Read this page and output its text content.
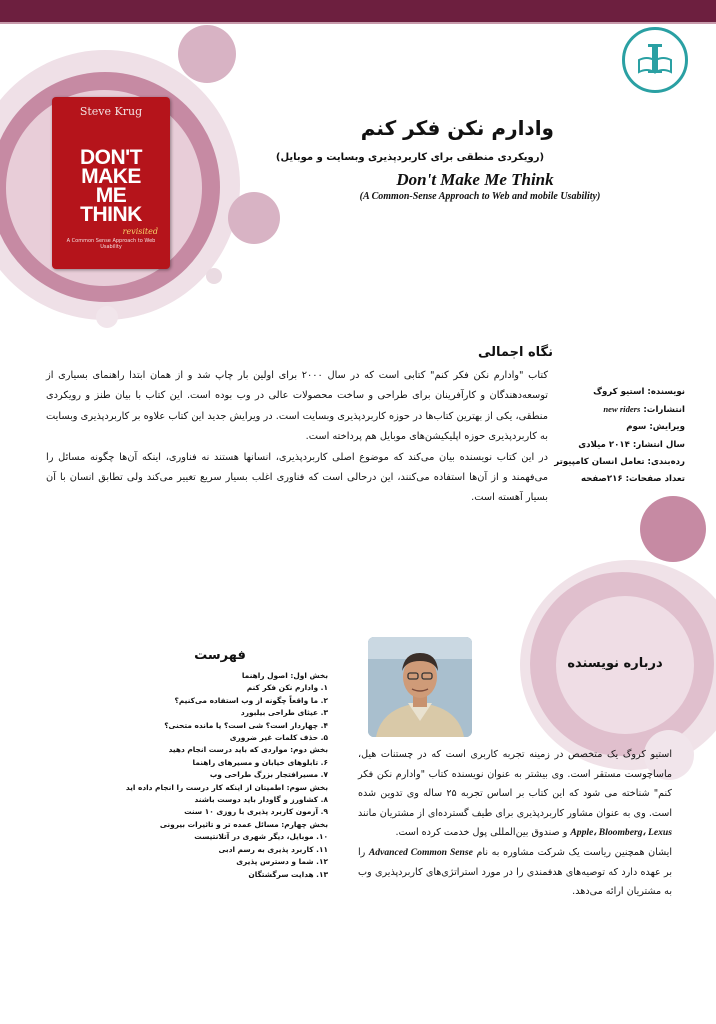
Steve Krug
DON'T
MAKE
ME
THINK
revisited
A Common Sense Approach to Web Usability
وادارم نکن فکر کنم
(رویکردی منطقی برای کاربردپذیری وبسایت و موبایل)
Don't Make Me Think
(A Common-Sense Approach to Web and mobile Usability)
نگاه اجمالی

کتاب "وادارم نکن فکر کنم" کتابی است که در سال ۲۰۰۰ برای اولین بار چاپ شد و از همان ابتدا راهنمای بسیاری از توسعه‌دهندگان و کارآفرینان برای طراحی و ساخت محصولات عالی در وب بوده است. این کتاب با بیان طنز و رویکردی منطقی، یکی از بهترین کتاب‌ها در حوزه کاربردپذیری وبسایت است. در ویرایش جدید این کتاب علاوه بر کاربردپذیری وبسایت به کاربردپذیری حوزه اپلیکیشن‌های موبایل هم پرداخته است.

در این کتاب نویسنده بیان می‌کند که موضوع اصلی کاربردپذیری، انسانها هستند نه فناوری، اینکه آن‌ها چگونه مسائل را می‌فهمند و از آن‌ها استفاده می‌کنند، این درحالی است که فناوری اغلب بسیار سریع تغییر می‌کند ولی تطابق انسان با آن بسیار آهسته است.

نویسنده: استیو کروگ
انتشارات: new riders
ویرایش: سوم
سال انتشار: ۲۰۱۴ میلادی
رده‌بندی: تعامل انسان کامپیوتر
تعداد صفحات: ۲۱۶صفحه
فهرست
بخش اول: اصول راهنما
۱. وادارم نکن فکر کنم
۲. ما واقعاً چگونه از وب استفاده می‌کنیم؟
۳. عیثای طراحی بیلبورد
۴. چهاردار است؟ شی است؟ یا مانده متحنی؟
۵. حذف کلمات غیر ضروری
بخش دوم: مواردی که باید درست انجام دهید
۶. تابلوهای خیابان و مسیرهای راهنما
۷. مسیر‌افتجار بزرگ طراحی وب
بخش سوم: اطمینان از اینکه کار درست را انجام داده اید
۸. کشاورز و گاودار باید دوست باشند
۹. آزمون کاربرد پذیری با روزی ۱۰ سنت
بخش چهارم: مسائل عمده تر و تاثیرات بیرونی
۱۰. موبایل، دیگر شهری در آتلانتیست
۱۱. کاربرد پذیری به رسم ادبی
۱۲. شما و دسترس پذیری
۱۳. هدایت سرگشتگان
درباره نویسنده

استیو کروگ یک متخصص در زمینه تجربه کاربری است که در چستنات هیل، ماساچوست مستقر است. وی بیشتر به عنوان نویسنده کتاب "وادارم نکن فکر کنم" شناخته می شود که این کتاب بر اساس تجربه ۲۵ ساله وی تدوین شده است. وی به عنوان مشاور کاربردپذیری برای طیف گسترده‌ای از مشتریان مانند Apple، Bloomberg، Lexus و صندوق بین‌المللی پول خدمت کرده است.

ایشان همچنین ریاست یک شرکت مشاوره به نام Advanced Common Sense را بر عهده دارد که توصیه‌های هدفمندی را در مورد استراتژی‌های کاربردپذیری وب به مشتریان ارائه می‌دهد.
